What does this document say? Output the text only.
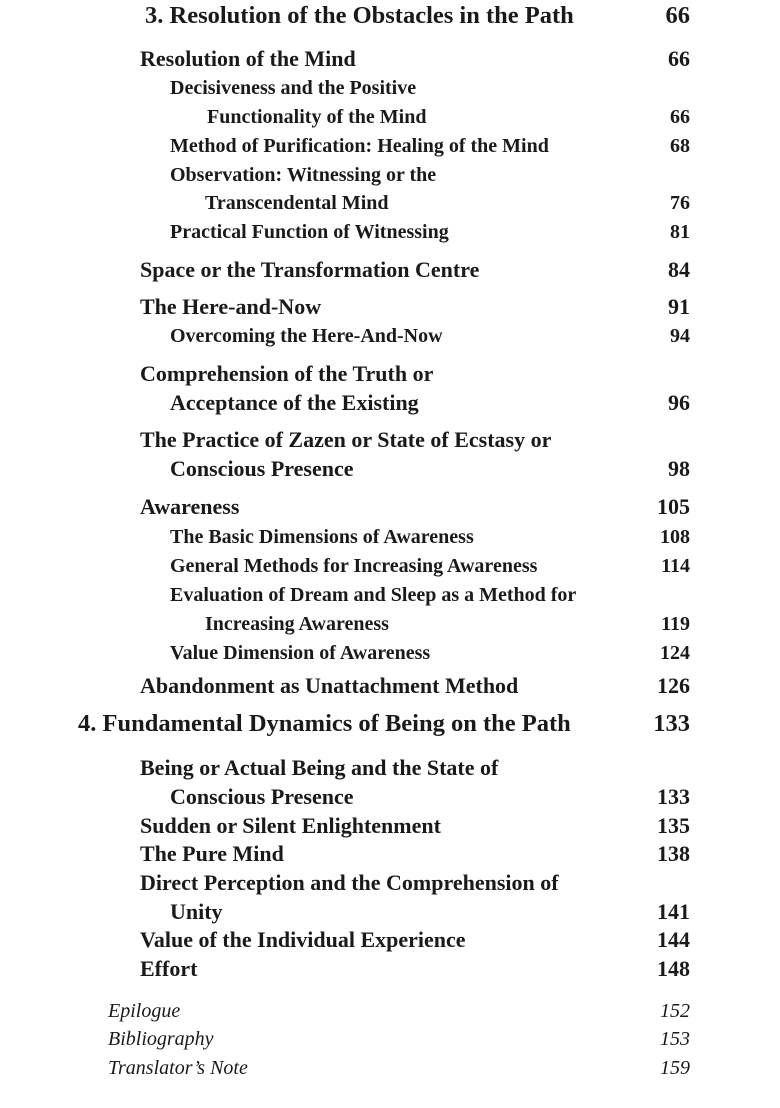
3. Resolution of the Obstacles in the Path	66
Resolution of the Mind	66
Decisiveness and the Positive
Functionality of the Mind	66
Method of Purification: Healing of the Mind	68
Observation: Witnessing or the
Transcendental Mind	76
Practical Function of Witnessing	81
Space or the Transformation Centre	84
The Here-and-Now	91
Overcoming the Here-And-Now	94
Comprehension of the Truth or
Acceptance of the Existing	96
The Practice of Zazen or State of Ecstasy or
Conscious Presence	98
Awareness	105
The Basic Dimensions of Awareness	108
General Methods for Increasing Awareness	114
Evaluation of Dream and Sleep as a Method for
Increasing Awareness	119
Value Dimension of Awareness	124
Abandonment as Unattachment Method	126
4. Fundamental Dynamics of Being on the Path	133
Being or Actual Being and the State of
Conscious Presence	133
Sudden or Silent Enlightenment	135
The Pure Mind	138
Direct Perception and the Comprehension of
Unity	141
Value of the Individual Experience	144
Effort	148
Epilogue	152
Bibliography	153
Translator’s Note	159
